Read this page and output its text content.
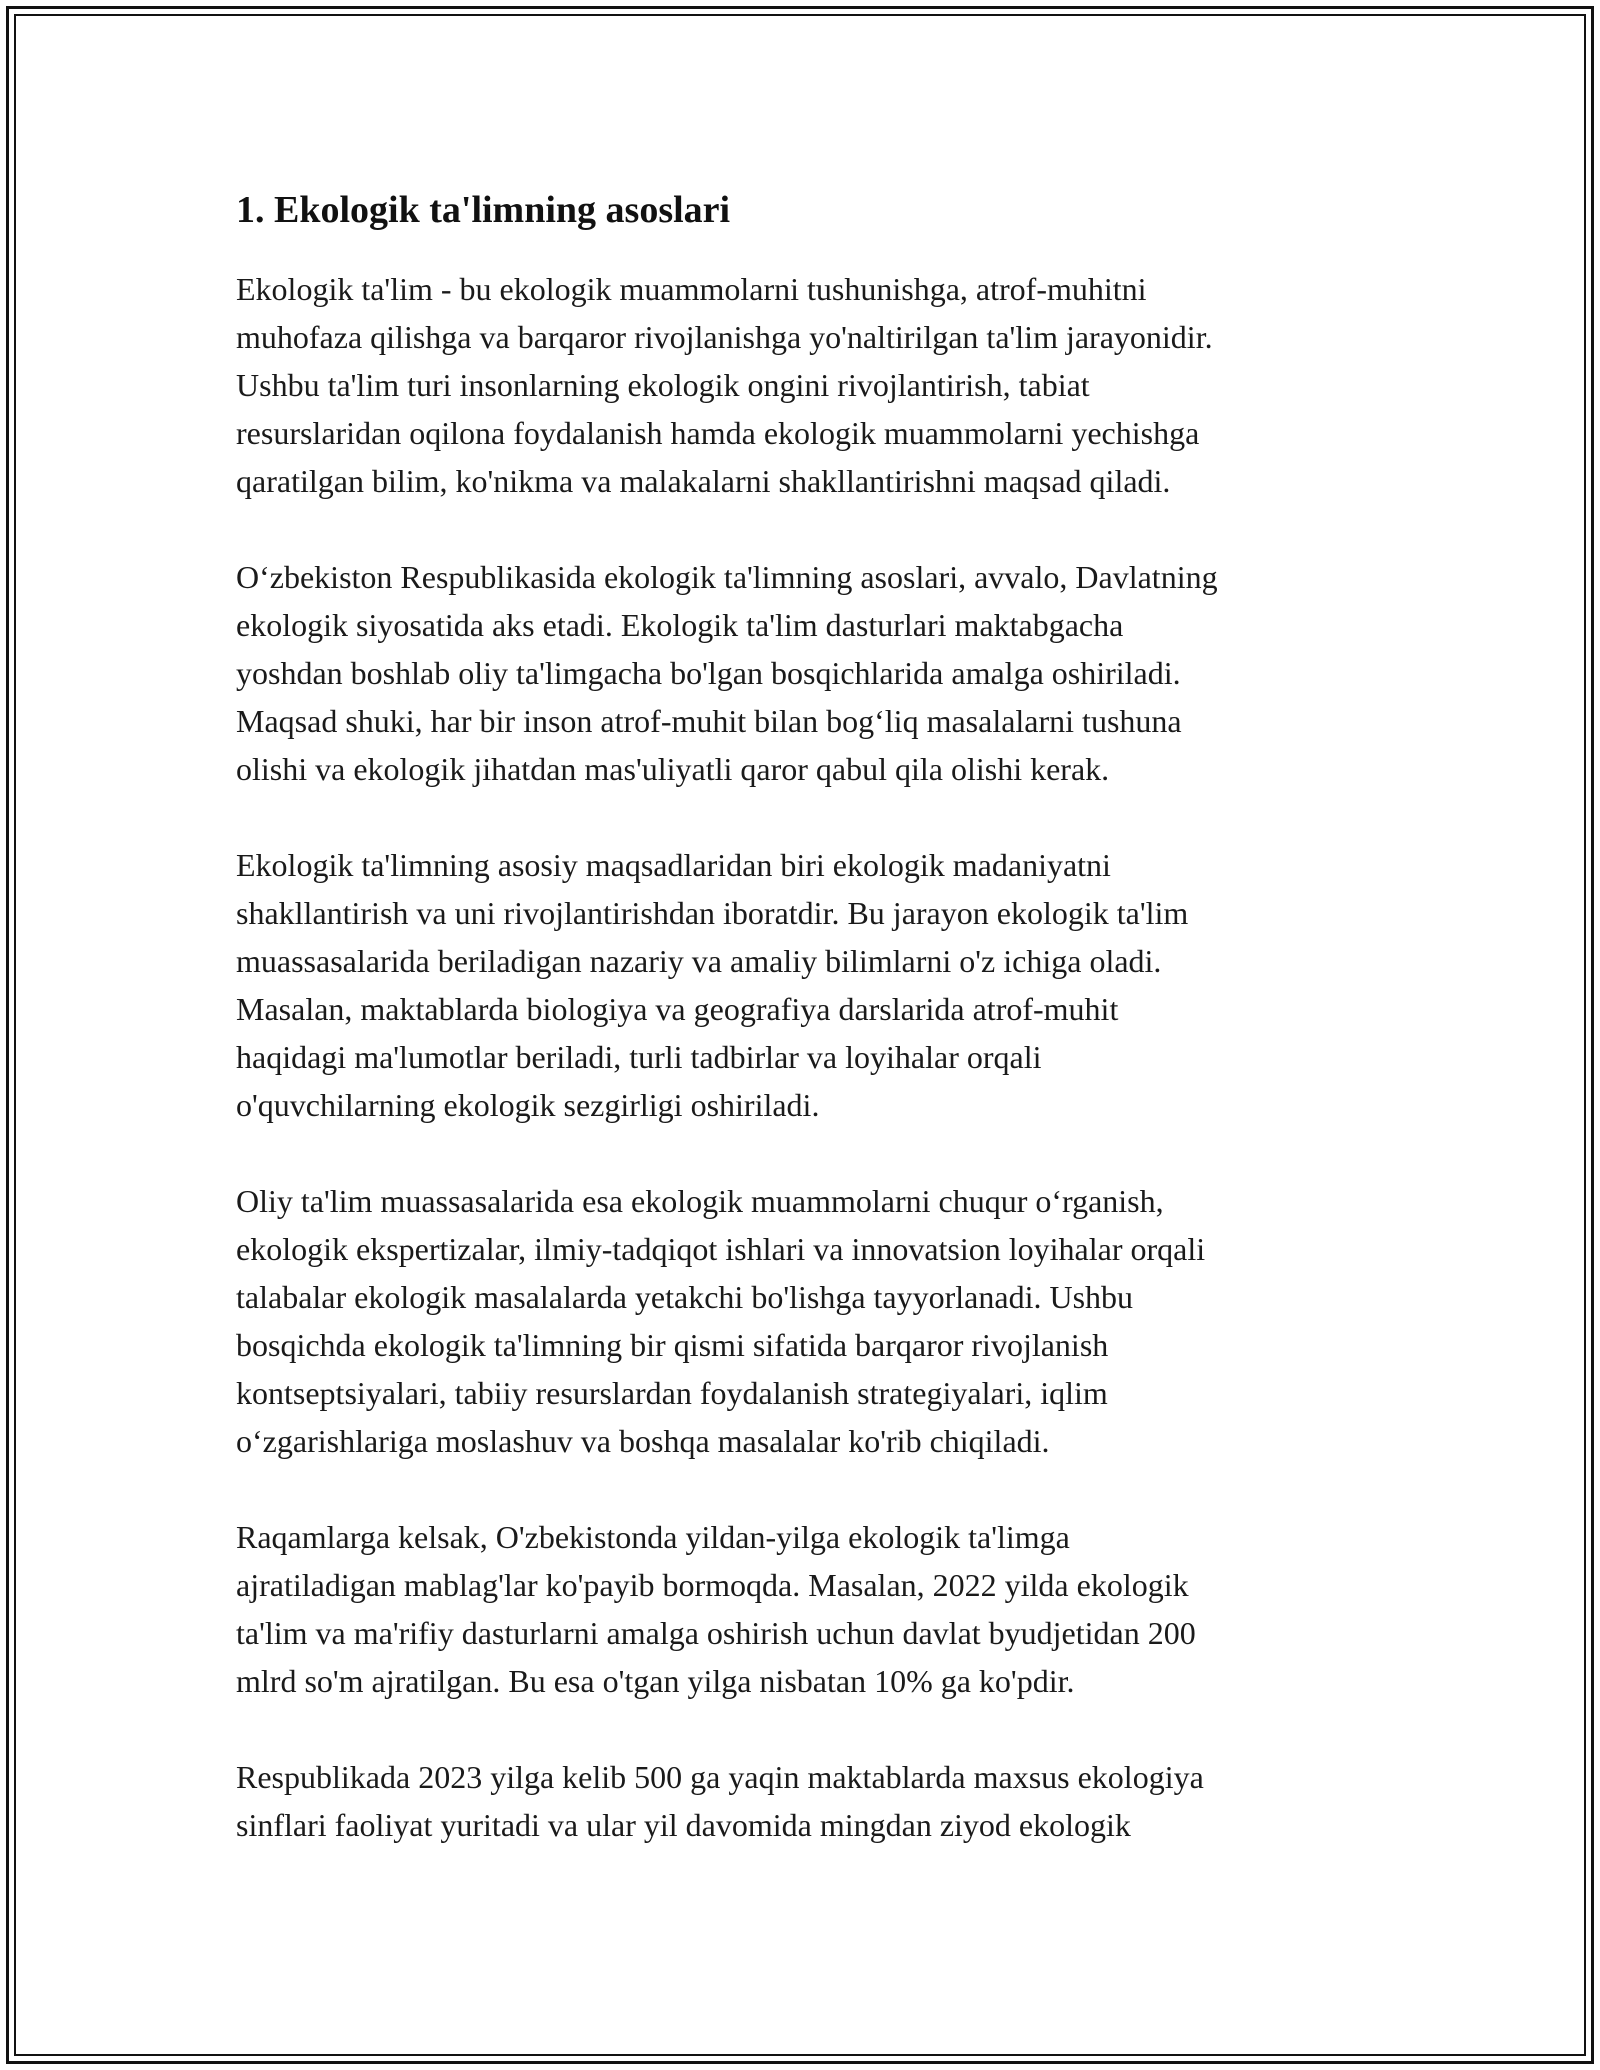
1. Ekologik ta'limning asoslari

Ekologik ta'lim - bu ekologik muammolarni tushunishga, atrof-muhitni
muhofaza qilishga va barqaror rivojlanishga yo'naltirilgan ta'lim jarayonidir.
Ushbu ta'lim turi insonlarning ekologik ongini rivojlantirish, tabiat
resurslaridan oqilona foydalanish hamda ekologik muammolarni yechishga
qaratilgan bilim, ko'nikma va malakalarni shakllantirishni maqsad qiladi.

O‘zbekiston Respublikasida ekologik ta'limning asoslari, avvalo, Davlatning
ekologik siyosatida aks etadi. Ekologik ta'lim dasturlari maktabgacha
yoshdan boshlab oliy ta'limgacha bo'lgan bosqichlarida amalga oshiriladi.
Maqsad shuki, har bir inson atrof-muhit bilan bog‘liq masalalarni tushuna
olishi va ekologik jihatdan mas'uliyatli qaror qabul qila olishi kerak.

Ekologik ta'limning asosiy maqsadlaridan biri ekologik madaniyatni
shakllantirish va uni rivojlantirishdan iboratdir. Bu jarayon ekologik ta'lim
muassasalarida beriladigan nazariy va amaliy bilimlarni o'z ichiga oladi.
Masalan, maktablarda biologiya va geografiya darslarida atrof-muhit
haqidagi ma'lumotlar beriladi, turli tadbirlar va loyihalar orqali
o'quvchilarning ekologik sezgirligi oshiriladi.

Oliy ta'lim muassasalarida esa ekologik muammolarni chuqur o‘rganish,
ekologik ekspertizalar, ilmiy-tadqiqot ishlari va innovatsion loyihalar orqali
talabalar ekologik masalalarda yetakchi bo'lishga tayyorlanadi. Ushbu
bosqichda ekologik ta'limning bir qismi sifatida barqaror rivojlanish
kontseptsiyalari, tabiiy resurslardan foydalanish strategiyalari, iqlim
o‘zgarishlariga moslashuv va boshqa masalalar ko'rib chiqiladi.

Raqamlarga kelsak, O'zbekistonda yildan-yilga ekologik ta'limga
ajratiladigan mablag'lar ko'payib bormoqda. Masalan, 2022 yilda ekologik
ta'lim va ma'rifiy dasturlarni amalga oshirish uchun davlat byudjetidan 200
mlrd so'm ajratilgan. Bu esa o'tgan yilga nisbatan 10% ga ko'pdir.

Respublikada 2023 yilga kelib 500 ga yaqin maktablarda maxsus ekologiya
sinflari faoliyat yuritadi va ular yil davomida mingdan ziyod ekologik
